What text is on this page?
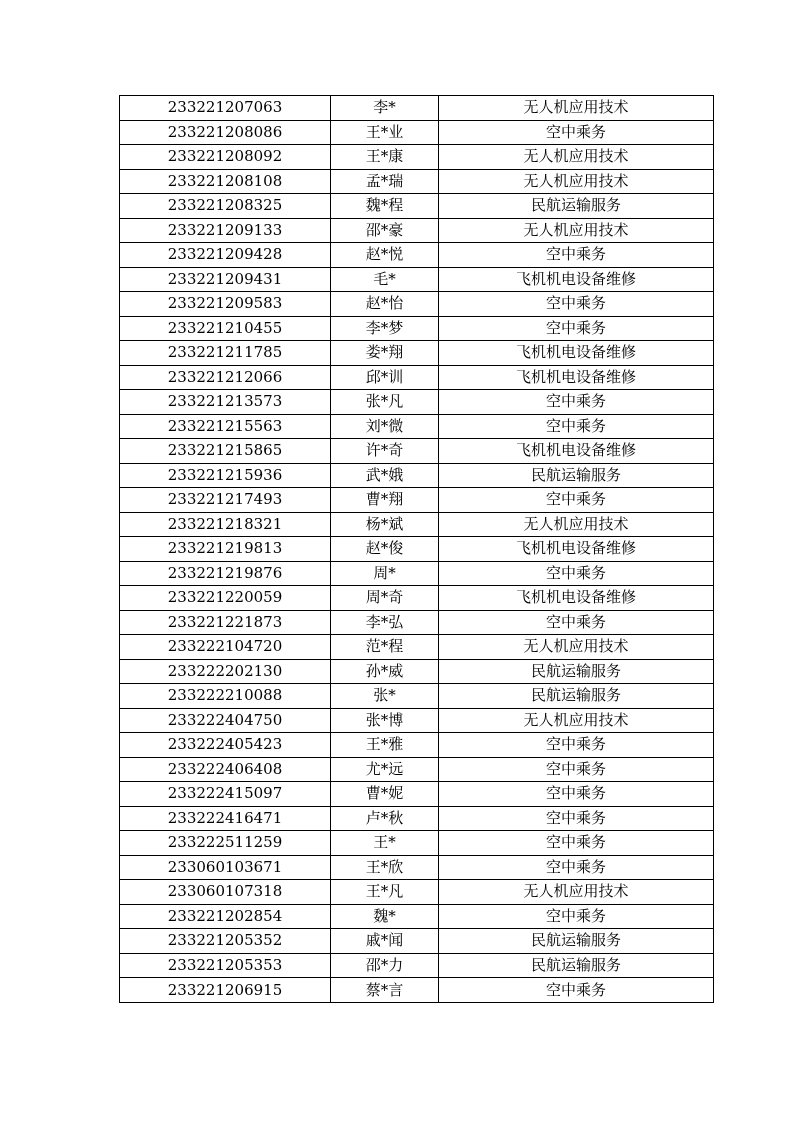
233221207063	李*	无人机应用技术
233221208086	王*业	空中乘务
233221208092	王*康	无人机应用技术
233221208108	孟*瑞	无人机应用技术
233221208325	魏*程	民航运输服务
233221209133	邵*豪	无人机应用技术
233221209428	赵*悦	空中乘务
233221209431	毛*	飞机机电设备维修
233221209583	赵*怡	空中乘务
233221210455	李*梦	空中乘务
233221211785	娄*翔	飞机机电设备维修
233221212066	邱*训	飞机机电设备维修
233221213573	张*凡	空中乘务
233221215563	刘*微	空中乘务
233221215865	许*奇	飞机机电设备维修
233221215936	武*娥	民航运输服务
233221217493	曹*翔	空中乘务
233221218321	杨*斌	无人机应用技术
233221219813	赵*俊	飞机机电设备维修
233221219876	周*	空中乘务
233221220059	周*奇	飞机机电设备维修
233221221873	李*弘	空中乘务
233222104720	范*程	无人机应用技术
233222202130	孙*威	民航运输服务
233222210088	张*	民航运输服务
233222404750	张*博	无人机应用技术
233222405423	王*雅	空中乘务
233222406408	尤*远	空中乘务
233222415097	曹*妮	空中乘务
233222416471	卢*秋	空中乘务
233222511259	王*	空中乘务
233060103671	王*欣	空中乘务
233060107318	王*凡	无人机应用技术
233221202854	魏*	空中乘务
233221205352	戚*闻	民航运输服务
233221205353	邵*力	民航运输服务
233221206915	蔡*言	空中乘务
